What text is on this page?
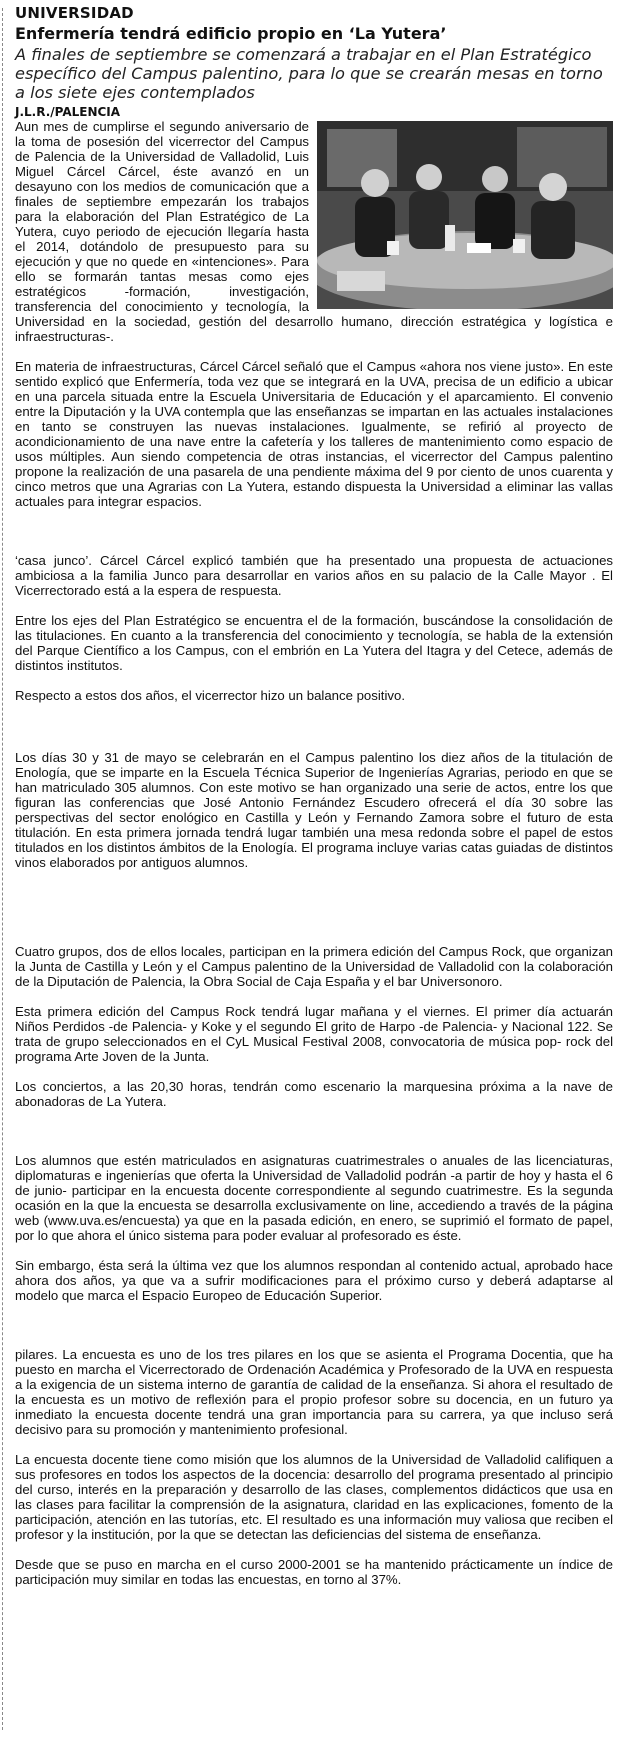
UNIVERSIDAD
Enfermería tendrá edificio propio en ‘La Yutera’
A finales de septiembre se comenzará a trabajar en el Plan Estratégico específico del Campus palentino, para lo que se crearán mesas en torno a los siete ejes contemplados
J.L.R./PALENCIA

Aun mes de cumplirse el segundo aniversario de la toma de posesión del vicerrector del Campus de Palencia de la Universidad de Valladolid, Luis Miguel Cárcel Cárcel, éste avanzó en un desayuno con los medios de comunicación que a finales de septiembre empezarán los trabajos para la elaboración del Plan Estratégico de La Yutera, cuyo periodo de ejecución llegaría hasta el 2014, dotándolo de presupuesto para su ejecución y que no quede en «intenciones». Para ello se formarán tantas mesas como ejes estratégicos -formación, investigación, transferencia del conocimiento y tecnología, la Universidad en la sociedad, gestión del desarrollo humano, dirección estratégica y logística e infraestructuras-.

En materia de infraestructuras, Cárcel Cárcel señaló que el Campus «ahora nos viene justo». En este sentido explicó que Enfermería, toda vez que se integrará en la UVA, precisa de un edificio a ubicar en una parcela situada entre la Escuela Universitaria de Educación y el aparcamiento. El convenio entre la Diputación y la UVA contempla que las enseñanzas se impartan en las actuales instalaciones en tanto se construyen las nuevas instalaciones. Igualmente, se refirió al proyecto de acondicionamiento de una nave entre la cafetería y los talleres de mantenimiento como espacio de usos múltiples. Aun siendo competencia de otras instancias, el vicerrector del Campus palentino propone la realización de una pasarela de una pendiente máxima del 9 por ciento de unos cuarenta y cinco metros que una Agrarias con La Yutera, estando dispuesta la Universidad a eliminar las vallas actuales para integrar espacios.

‘casa junco’. Cárcel Cárcel explicó también que ha presentado una propuesta de actuaciones ambiciosa a la familia Junco para desarrollar en varios años en su palacio de la Calle Mayor . El Vicerrectorado está a la espera de respuesta.

Entre los ejes del Plan Estratégico se encuentra el de la formación, buscándose la consolidación de las titulaciones. En cuanto a la transferencia del conocimiento y tecnología, se habla de la extensión del Parque Científico a los Campus, con el embrión en La Yutera del Itagra y del Cetece, además de distintos institutos.

Respecto a estos dos años, el vicerrector hizo un balance positivo.

Los días 30 y 31 de mayo se celebrarán en el Campus palentino los diez años de la titulación de Enología, que se imparte en la Escuela Técnica Superior de Ingenierías Agrarias, periodo en que se han matriculado 305 alumnos. Con este motivo se han organizado una serie de actos, entre los que figuran las conferencias que José Antonio Fernández Escudero ofrecerá el día 30 sobre las perspectivas del sector enológico en Castilla y León y Fernando Zamora sobre el futuro de esta titulación. En esta primera jornada tendrá lugar también una mesa redonda sobre el papel de estos titulados en los distintos ámbitos de la Enología. El programa incluye varias catas guiadas de distintos vinos elaborados por antiguos alumnos.

Cuatro grupos, dos de ellos locales, participan en la primera edición del Campus Rock, que organizan la Junta de Castilla y León y el Campus palentino de la Universidad de Valladolid con la colaboración de la Diputación de Palencia, la Obra Social de Caja España y el bar Universonoro.

Esta primera edición del Campus Rock tendrá lugar mañana y el viernes. El primer día actuarán Niños Perdidos -de Palencia- y Koke y el segundo El grito de Harpo -de Palencia- y Nacional 122. Se trata de grupo seleccionados en el CyL Musical Festival 2008, convocatoria de música pop- rock del programa Arte Joven de la Junta.

Los conciertos, a las 20,30 horas, tendrán como escenario la marquesina próxima a la nave de abonadoras de La Yutera.

Los alumnos que estén matriculados en asignaturas cuatrimestrales o anuales de las licenciaturas, diplomaturas e ingenierías que oferta la Universidad de Valladolid podrán -a partir de hoy y hasta el 6 de junio- participar en la encuesta docente correspondiente al segundo cuatrimestre. Es la segunda ocasión en la que la encuesta se desarrolla exclusivamente on line, accediendo a través de la página web (www.uva.es/encuesta) ya que en la pasada edición, en enero, se suprimió el formato de papel, por lo que ahora el único sistema para poder evaluar al profesorado es éste.

Sin embargo, ésta será la última vez que los alumnos respondan al contenido actual, aprobado hace ahora dos años, ya que va a sufrir modificaciones para el próximo curso y deberá adaptarse al modelo que marca el Espacio Europeo de Educación Superior.

pilares. La encuesta es uno de los tres pilares en los que se asienta el Programa Docentia, que ha puesto en marcha el Vicerrectorado de Ordenación Académica y Profesorado de la UVA en respuesta a la exigencia de un sistema interno de garantía de calidad de la enseñanza. Si ahora el resultado de la encuesta es un motivo de reflexión para el propio profesor sobre su docencia, en un futuro ya inmediato la encuesta docente tendrá una gran importancia para su carrera, ya que incluso será decisivo para su promoción y mantenimiento profesional.

La encuesta docente tiene como misión que los alumnos de la Universidad de Valladolid califiquen a sus profesores en todos los aspectos de la docencia: desarrollo del programa presentado al principio del curso, interés en la preparación y desarrollo de las clases, complementos didácticos que usa en las clases para facilitar la comprensión de la asignatura, claridad en las explicaciones, fomento de la participación, atención en las tutorías, etc. El resultado es una información muy valiosa que reciben el profesor y la institución, por la que se detectan las deficiencias del sistema de enseñanza.

Desde que se puso en marcha en el curso 2000-2001 se ha mantenido prácticamente un índice de participación muy similar en todas las encuestas, en torno al 37%.
